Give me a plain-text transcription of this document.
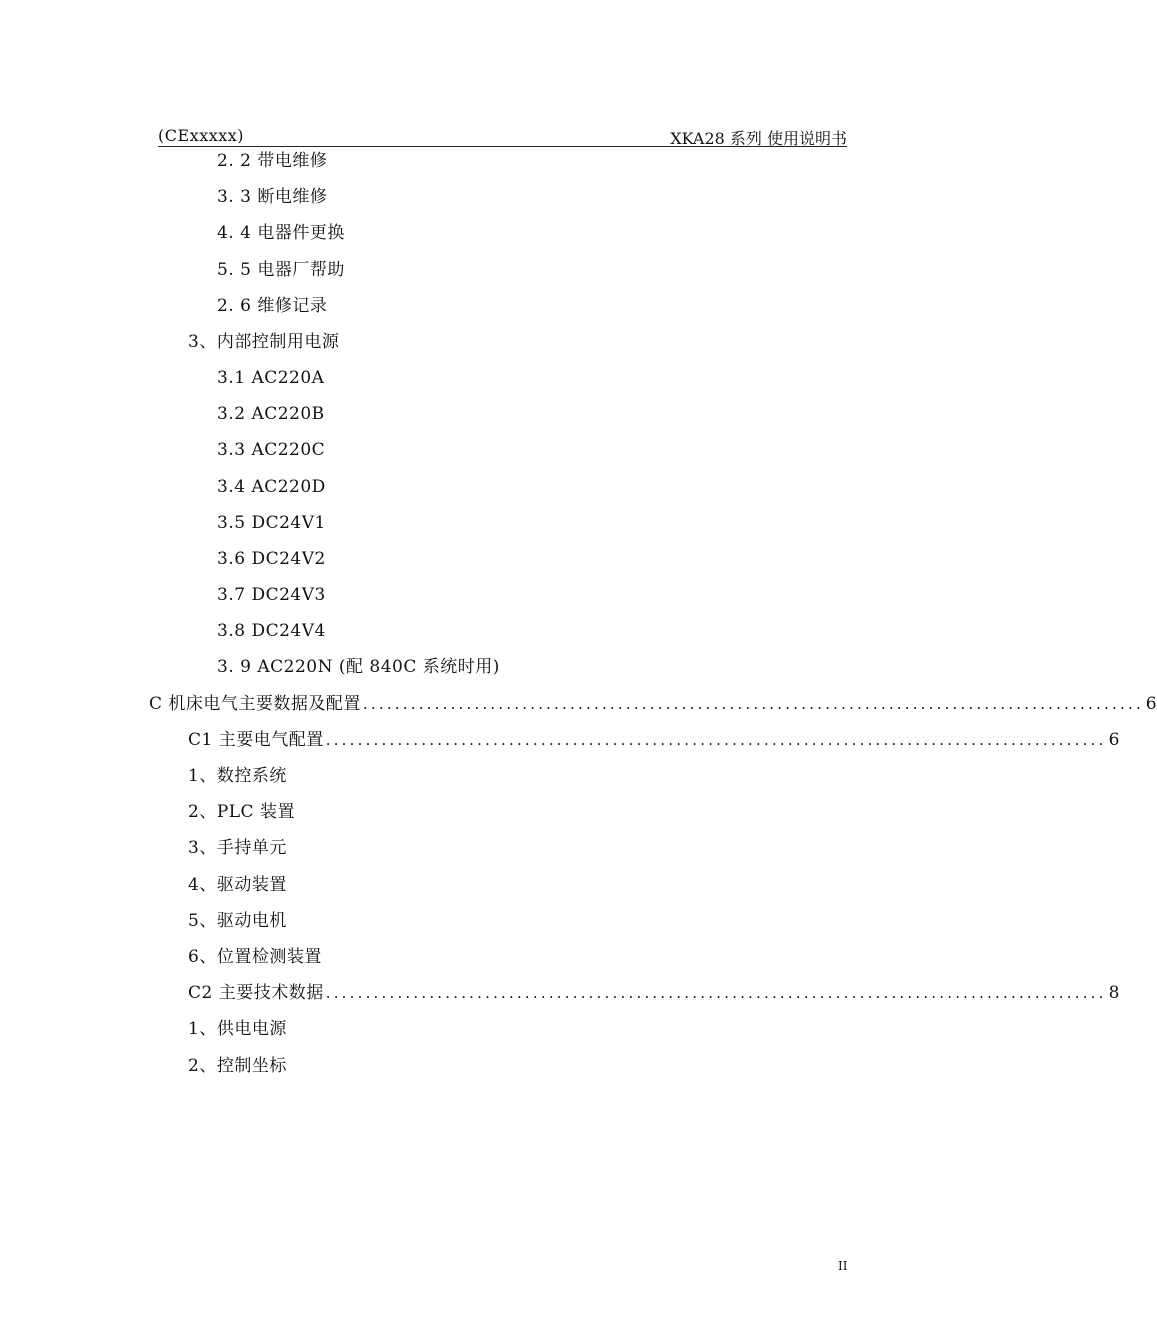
(CExxxxx)	XKA28 系列 使用说明书
2. 2 带电维修
3. 3 断电维修
4. 4 电器件更换
5. 5 电器厂帮助
2. 6 维修记录
3、内部控制用电源
3.1 AC220A
3.2 AC220B
3.3 AC220C
3.4 AC220D
3.5 DC24V1
3.6 DC24V2
3.7 DC24V3
3.8 DC24V4
3. 9 AC220N (配 840C 系统时用)
C 机床电气主要数据及配置 .................................................................................................. 6
C1 主要电气配置 .................................................................................................. 6
1、数控系统
2、PLC 装置
3、手持单元
4、驱动装置
5、驱动电机
6、位置检测装置
C2 主要技术数据 .................................................................................................. 8
1、供电电源
2、控制坐标
II
